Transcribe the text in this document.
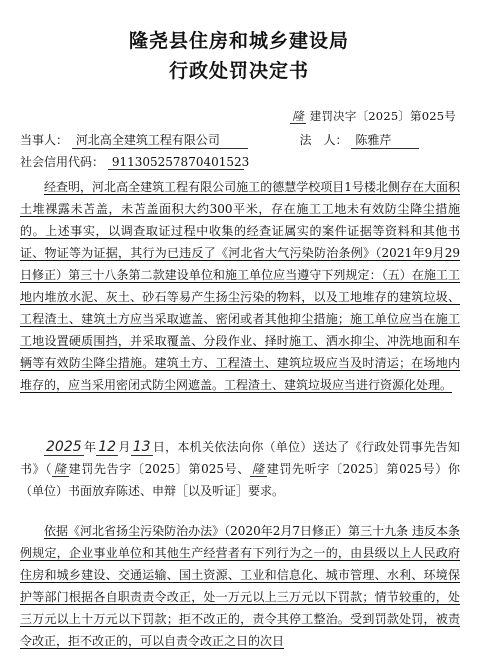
隆尧县住房和城乡建设局
行政处罚决定书
隆 建罚决字〔2025〕第025号
当事人： 河北高全建筑工程有限公司	法　人： 陈雅芹
社会信用代码： 911305257870401523
经查明，河北高全建筑工程有限公司施工的德慧学校项目1号楼北侧存在大面积土堆裸露未苫盖，未苫盖面积大约300平米，存在施工工地未有效防尘降尘措施的。上述事实，以调查取证过程中收集的经查证属实的案件证据等资料和其他书证、物证等为证据，其行为已违反了《河北省大气污染防治条例》（2021年9月29日修正）第三十八条第二款建设单位和施工单位应当遵守下列规定：（五）在施工工地内堆放水泥、灰土、砂石等易产生扬尘污染的物料，以及工地堆存的建筑垃圾、工程渣土、建筑土方应当采取遮盖、密闭或者其他抑尘措施；施工单位应当在施工工地设置硬质围挡，并采取覆盖、分段作业、择时施工、洒水抑尘、冲洗地面和车辆等有效防尘降尘措施。建筑土方、工程渣土、建筑垃圾应当及时清运；在场地内堆存的，应当采用密闭式防尘网遮盖。工程渣土、建筑垃圾应当进行资源化处理。
2025 年 12 月 13 日，本机关依法向你（单位）送达了《行政处罚事先告知书》（ 隆 建罚先告字〔2025〕第025号、 隆 建罚先听字〔2025〕第025号）你（单位）书面放弃陈述、申辩［以及听证］要求。
依据《河北省扬尘污染防治办法》（2020年2月7日修正）第三十九条 违反本条例规定，企业事业单位和其他生产经营者有下列行为之一的，由县级以上人民政府住房和城乡建设、交通运输、国土资源、工业和信息化、城市管理、水利、环境保护等部门根据各自职责责令改正，处一万元以上三万元以下罚款；情节较重的，处三万元以上十万元以下罚款；拒不改正的，责令其停工整治。受到罚款处罚，被责令改正，拒不改正的，可以自责令改正之日的次日
